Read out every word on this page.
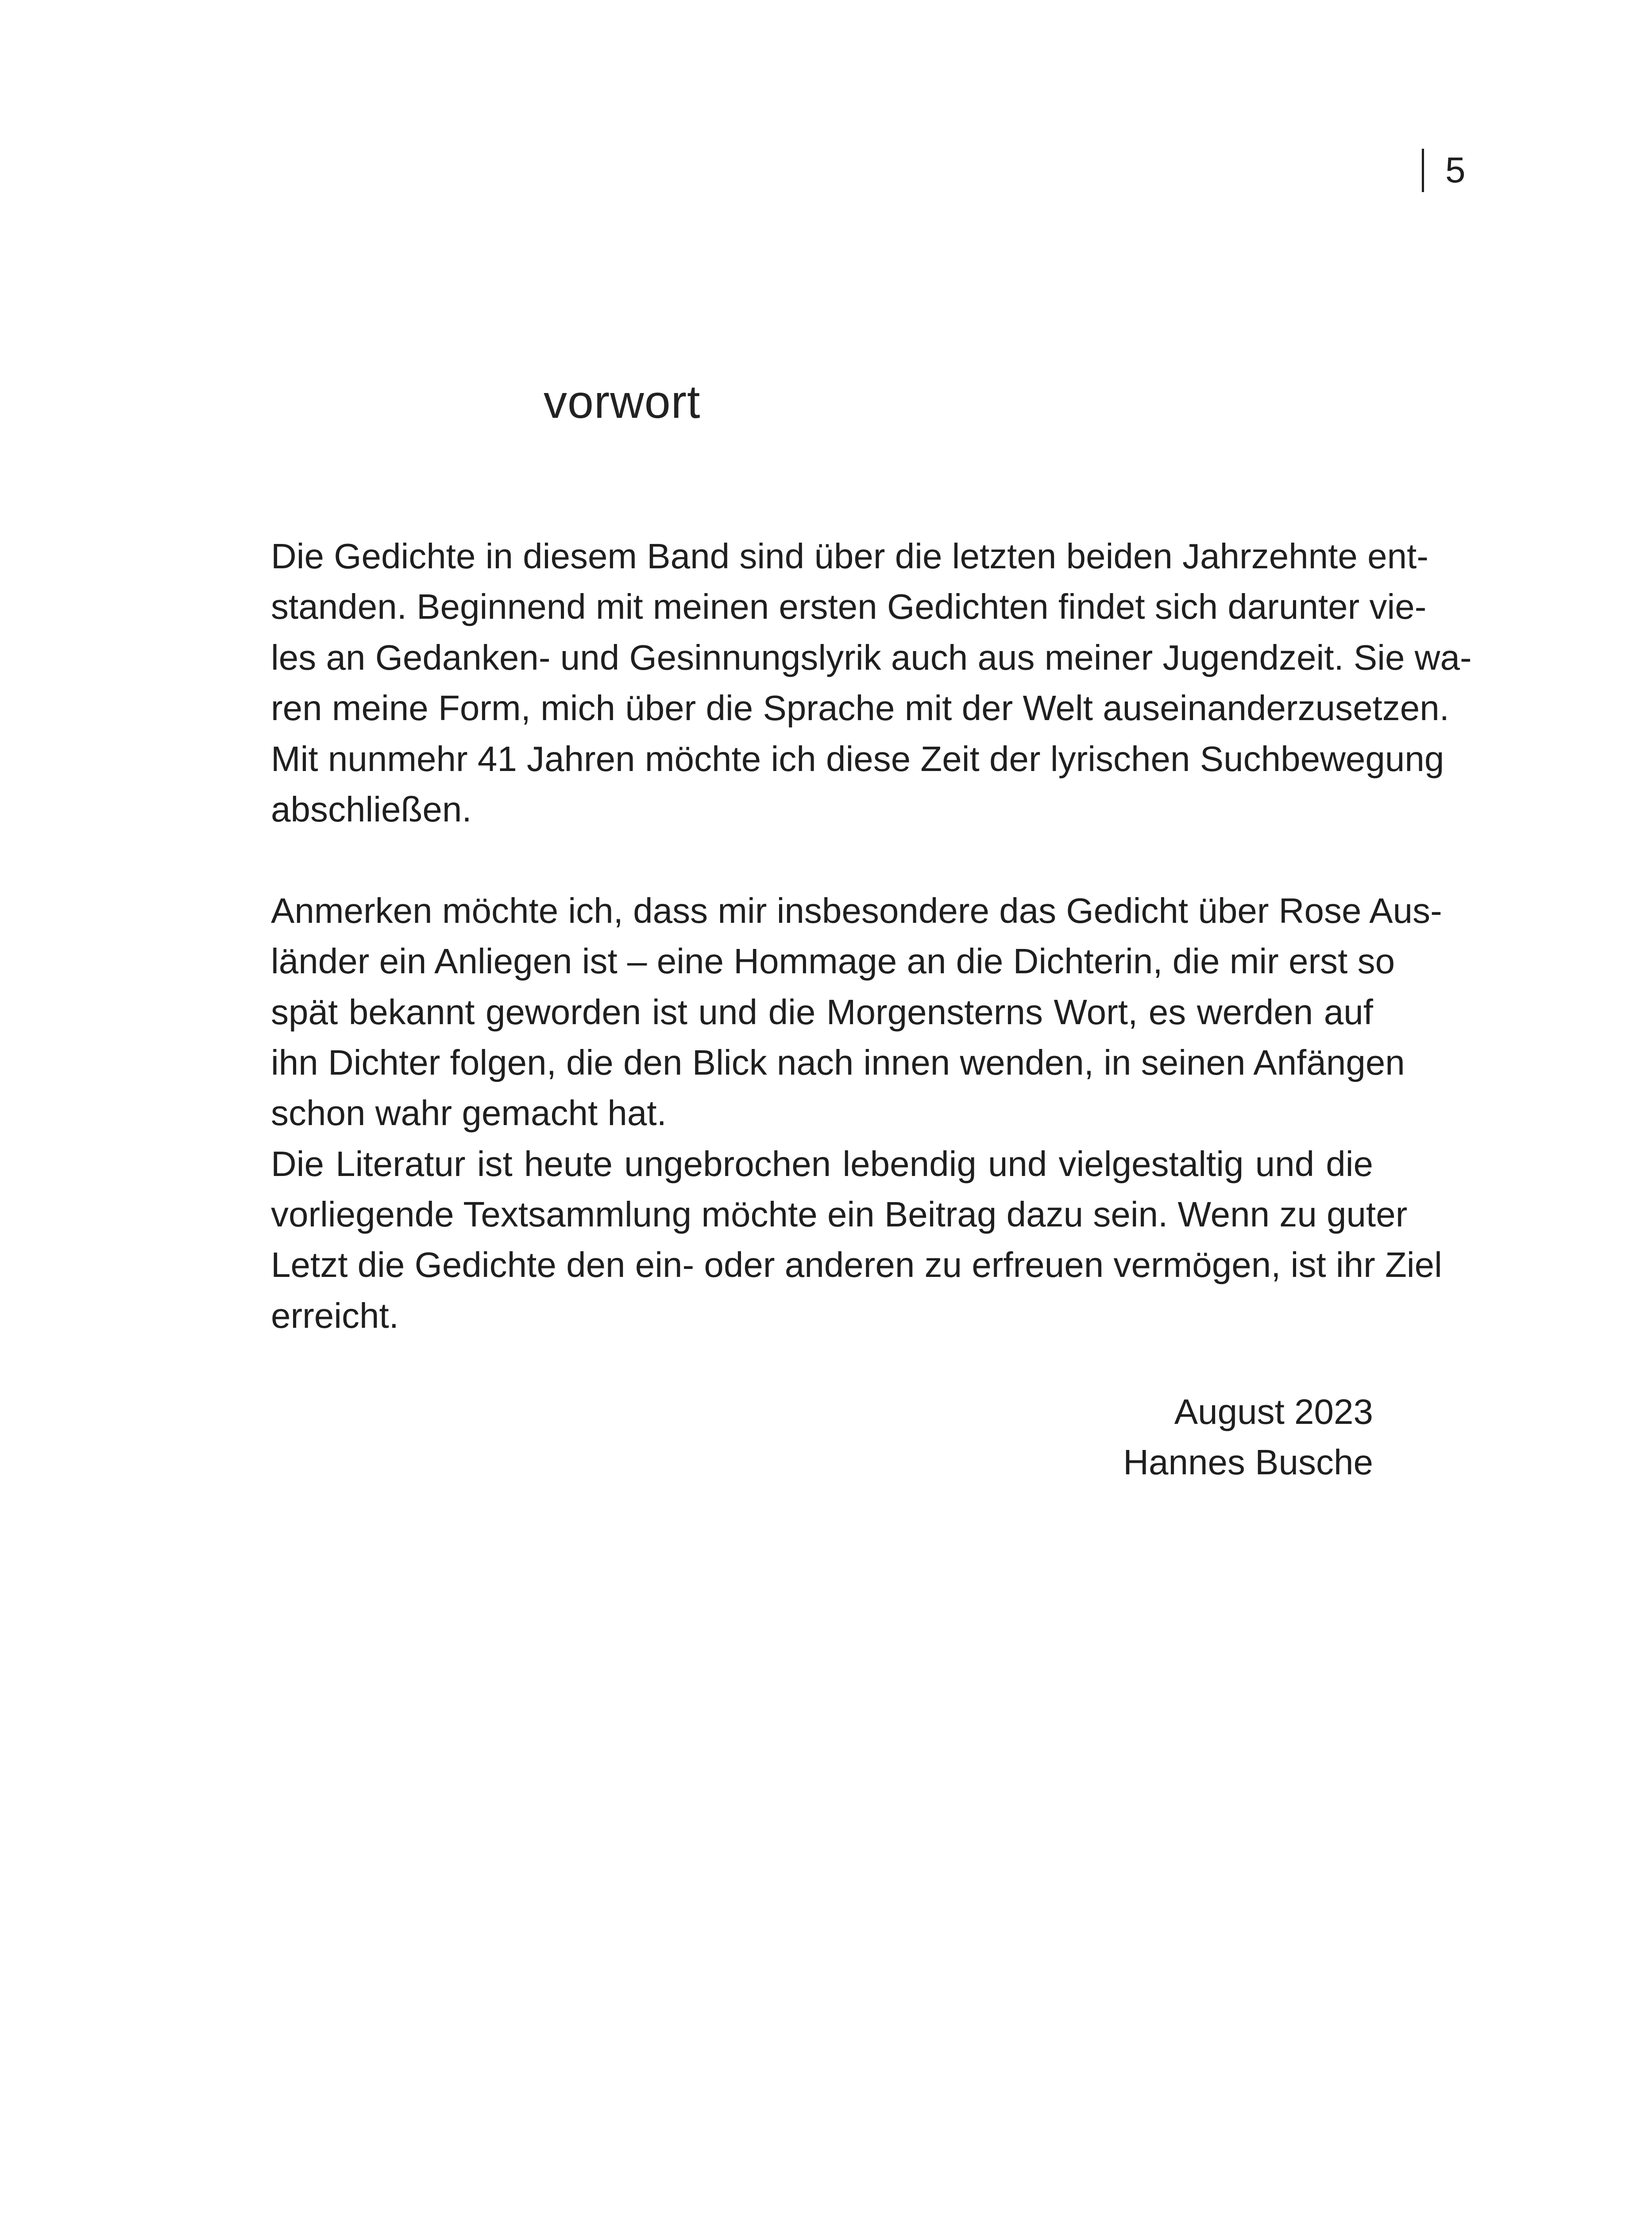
5
vorwort

Die Gedichte in diesem Band sind über die letzten beiden Jahrzehnte ent-
standen. Beginnend mit meinen ersten Gedichten findet sich darunter vie-
les an Gedanken- und Gesinnungslyrik auch aus meiner Jugendzeit. Sie wa-
ren meine Form, mich über die Sprache mit der Welt auseinanderzusetzen.
Mit nunmehr 41 Jahren möchte ich diese Zeit der lyrischen Suchbewegung
abschließen.

Anmerken möchte ich, dass mir insbesondere das Gedicht über Rose Aus-
länder ein Anliegen ist – eine Hommage an die Dichterin, die mir erst so
spät bekannt geworden ist und die Morgensterns Wort, es werden auf
ihn Dichter folgen, die den Blick nach innen wenden, in seinen Anfängen
schon wahr gemacht hat.

Die Literatur ist heute ungebrochen lebendig und vielgestaltig und die
vorliegende Textsammlung möchte ein Beitrag dazu sein. Wenn zu guter
Letzt die Gedichte den ein- oder anderen zu erfreuen vermögen, ist ihr Ziel
erreicht.

August 2023
Hannes Busche
